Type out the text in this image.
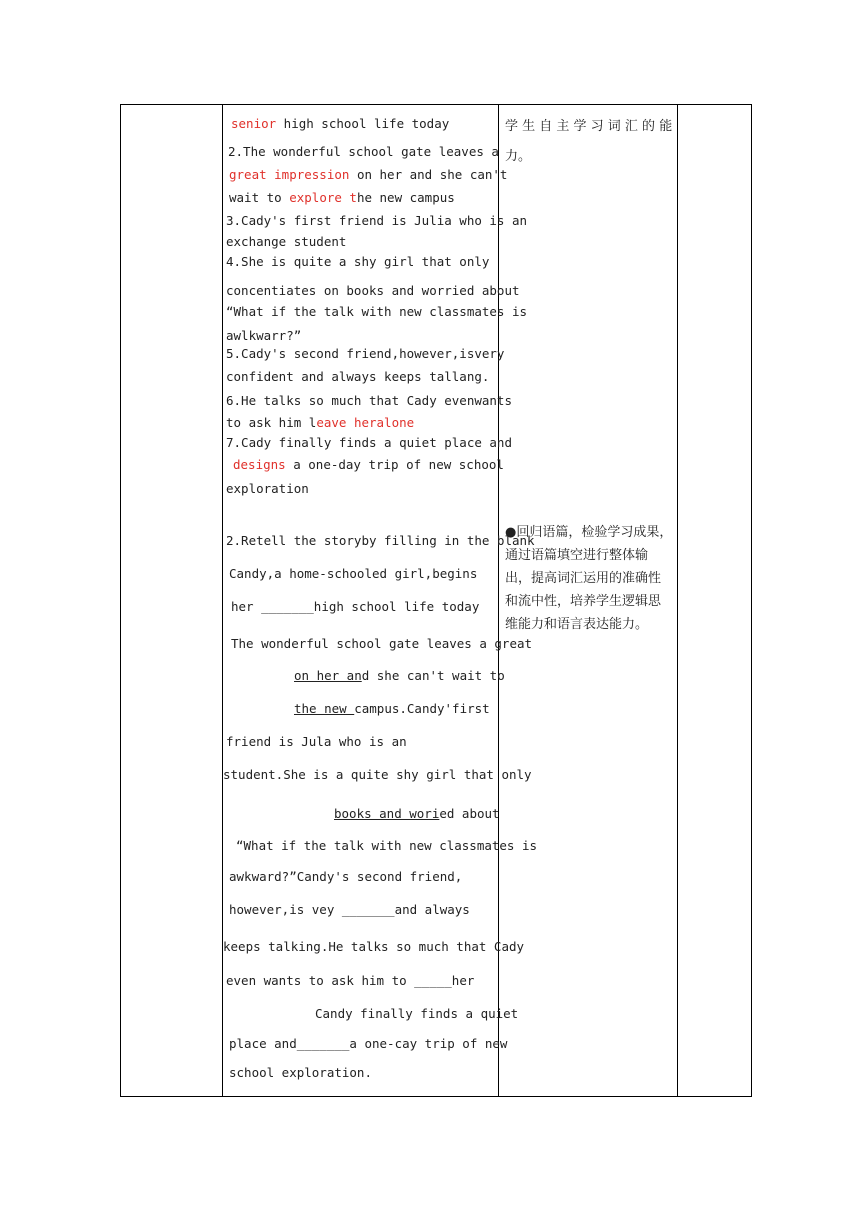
senior high school life today
2.The wonderful school gate leaves a
great impression on her and she can't
wait to explore the new campus
3.Cady's first friend is Julia who is an
exchange student
4.She is quite a shy girl that only
concentiates on books and worried about
“What if the talk with new classmates is
awlkwarr?”
5.Cady's second friend,however,isvery
confident and always keeps tallang.
6.He talks so much that Cady evenwants
to ask him leave heralone
7.Cady finally finds a quiet place and
designs a one-day trip of new school
exploration
2.Retell the storyby filling in the blank
Candy,a home-schooled girl,begins
her _______high school life today
The wonderful school gate leaves a great
on her and she can't wait to
the new campus.Candy'first
friend is Jula who is an
student.She is a quite shy girl that only
books and woried about
“What if the talk with new classmates is
awkward?”Candy's second friend,
however,is vey _______and always
keeps talking.He talks so much that Cady
even wants to ask him to _____her
Candy finally finds a quiet
place and_______a one-cay trip of new
school exploration.
学 生 自 主 学 习 词 汇 的 能
力。
●回归语篇，检验学习成果，通过语篇填空进行整体输出，提高词汇运用的准确性和流中性，培养学生逻辑思维能力和语言表达能力。
